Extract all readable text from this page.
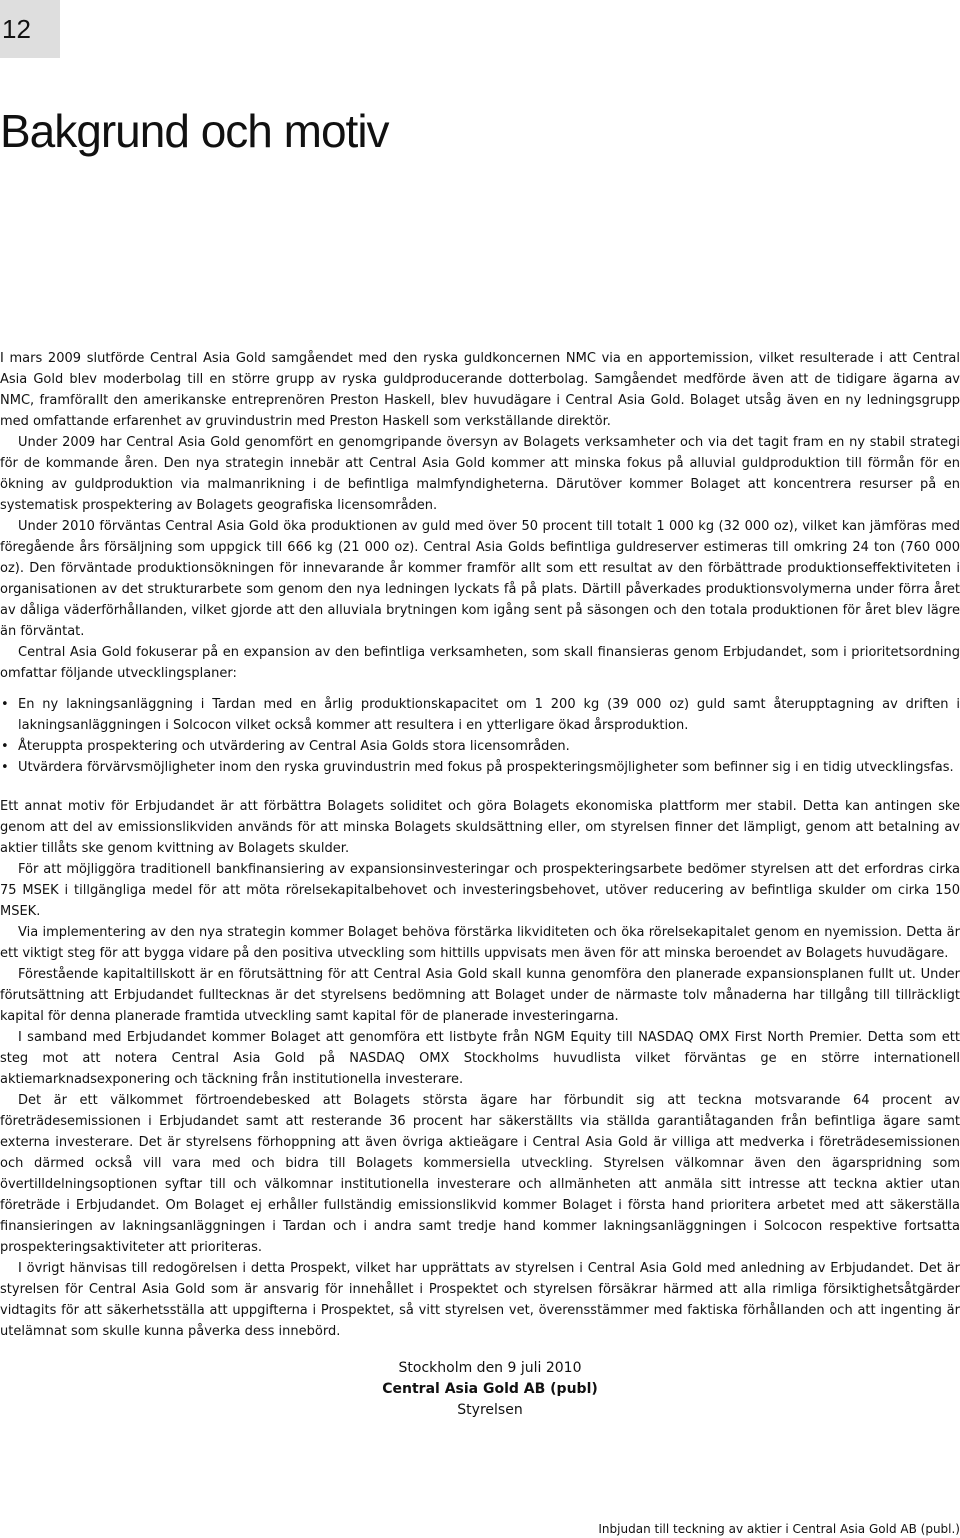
12
Bakgrund och motiv

I mars 2009 slutförde Central Asia Gold samgåendet med den ryska guldkoncernen NMC via en apportemission, vilket resulterade i att Central Asia Gold blev moderbolag till en större grupp av ryska guldproducerande dotterbolag. Samgåendet medförde även att de tidigare ägarna av NMC, framförallt den amerikanske entreprenören Preston Haskell, blev huvudägare i Central Asia Gold. Bolaget utsåg även en ny ledningsgrupp med omfattande erfarenhet av gruvindustrin med Preston Haskell som verkställande direktör.

Under 2009 har Central Asia Gold genomfört en genomgripande översyn av Bolagets verksamheter och via det tagit fram en ny stabil strategi för de kommande åren. Den nya strategin innebär att Central Asia Gold kommer att minska fokus på alluvial guldproduktion till förmån för en ökning av guldproduktion via malmanrikning i de befintliga malmfyndigheterna. Därutöver kommer Bolaget att koncentrera resurser på en systematisk prospektering av Bolagets geografiska licensområden.

Under 2010 förväntas Central Asia Gold öka produktionen av guld med över 50 procent till totalt 1 000 kg (32 000 oz), vilket kan jämföras med föregående års försäljning som uppgick till 666 kg (21 000 oz). Central Asia Golds befintliga guldreserver estimeras till omkring 24 ton (760 000 oz). Den förväntade produktionsökningen för innevarande år kommer framför allt som ett resultat av den förbättrade produktionseffektiviteten i organisationen av det strukturarbete som genom den nya ledningen lyckats få på plats. Därtill påverkades produktionsvolymerna under förra året av dåliga väderförhållanden, vilket gjorde att den alluviala brytningen kom igång sent på säsongen och den totala produktionen för året blev lägre än förväntat.

Central Asia Gold fokuserar på en expansion av den befintliga verksamheten, som skall finansieras genom Erbjudandet, som i prioritetsordning omfattar följande utvecklingsplaner:

• En ny lakningsanläggning i Tardan med en årlig produktionskapacitet om 1 200 kg (39 000 oz) guld samt återupptagning av driften i lakningsanläggningen i Solcocon vilket också kommer att resultera i en ytterligare ökad årsproduktion.
• Återuppta prospektering och utvärdering av Central Asia Golds stora licensområden.
• Utvärdera förvärvsmöjligheter inom den ryska gruvindustrin med fokus på prospekteringsmöjligheter som befinner sig i en tidig utvecklingsfas.

Ett annat motiv för Erbjudandet är att förbättra Bolagets soliditet och göra Bolagets ekonomiska plattform mer stabil. Detta kan antingen ske genom att del av emissionslikviden används för att minska Bolagets skuldsättning eller, om styrelsen finner det lämpligt, genom att betalning av aktier tillåts ske genom kvittning av Bolagets skulder.

För att möjliggöra traditionell bankfinansiering av expansionsinvesteringar och prospekteringsarbete bedömer styrelsen att det erfordras cirka 75 MSEK i tillgängliga medel för att möta rörelsekapitalbehovet och investeringsbehovet, utöver reducering av befintliga skulder om cirka 150 MSEK.

Via implementering av den nya strategin kommer Bolaget behöva förstärka likviditeten och öka rörelsekapitalet genom en nyemission. Detta är ett viktigt steg för att bygga vidare på den positiva utveckling som hittills uppvisats men även för att minska beroendet av Bolagets huvudägare.

Förestående kapitaltillskott är en förutsättning för att Central Asia Gold skall kunna genomföra den planerade expansionsplanen fullt ut. Under förutsättning att Erbjudandet fulltecknas är det styrelsens bedömning att Bolaget under de närmaste tolv månaderna har tillgång till tillräckligt kapital för denna planerade framtida utveckling samt kapital för de planerade investeringarna.

I samband med Erbjudandet kommer Bolaget att genomföra ett listbyte från NGM Equity till NASDAQ OMX First North Premier. Detta som ett steg mot att notera Central Asia Gold på NASDAQ OMX Stockholms huvudlista vilket förväntas ge en större internationell aktiemarknadsexponering och täckning från institutionella investerare.

Det är ett välkommet förtroendebesked att Bolagets största ägare har förbundit sig att teckna motsvarande 64 procent av företrädesemissionen i Erbjudandet samt att resterande 36 procent har säkerställts via ställda garantiåtaganden från befintliga ägare samt externa investerare. Det är styrelsens förhoppning att även övriga aktieägare i Central Asia Gold är villiga att medverka i företrädesemissionen och därmed också vill vara med och bidra till Bolagets kommersiella utveckling. Styrelsen välkomnar även den ägarspridning som övertilldelningsoptionen syftar till och välkomnar institutionella investerare och allmänheten att anmäla sitt intresse att teckna aktier utan företräde i Erbjudandet. Om Bolaget ej erhåller fullständig emissionslikvid kommer Bolaget i första hand prioritera arbetet med att säkerställa finansieringen av lakningsanläggningen i Tardan och i andra samt tredje hand kommer lakningsanläggningen i Solcocon respektive fortsatta prospekteringsaktiviteter att prioriteras.

I övrigt hänvisas till redogörelsen i detta Prospekt, vilket har upprättats av styrelsen i Central Asia Gold med anledning av Erbjudandet. Det är styrelsen för Central Asia Gold som är ansvarig för innehållet i Prospektet och styrelsen försäkrar härmed att alla rimliga försiktighetsåtgärder vidtagits för att säkerhetsställa att uppgifterna i Prospektet, så vitt styrelsen vet, överensstämmer med faktiska förhållanden och att ingenting är utelämnat som skulle kunna påverka dess innebörd.

Stockholm den 9 juli 2010
Central Asia Gold AB (publ)
Styrelsen
Inbjudan till teckning av aktier i Central Asia Gold AB (publ.)
